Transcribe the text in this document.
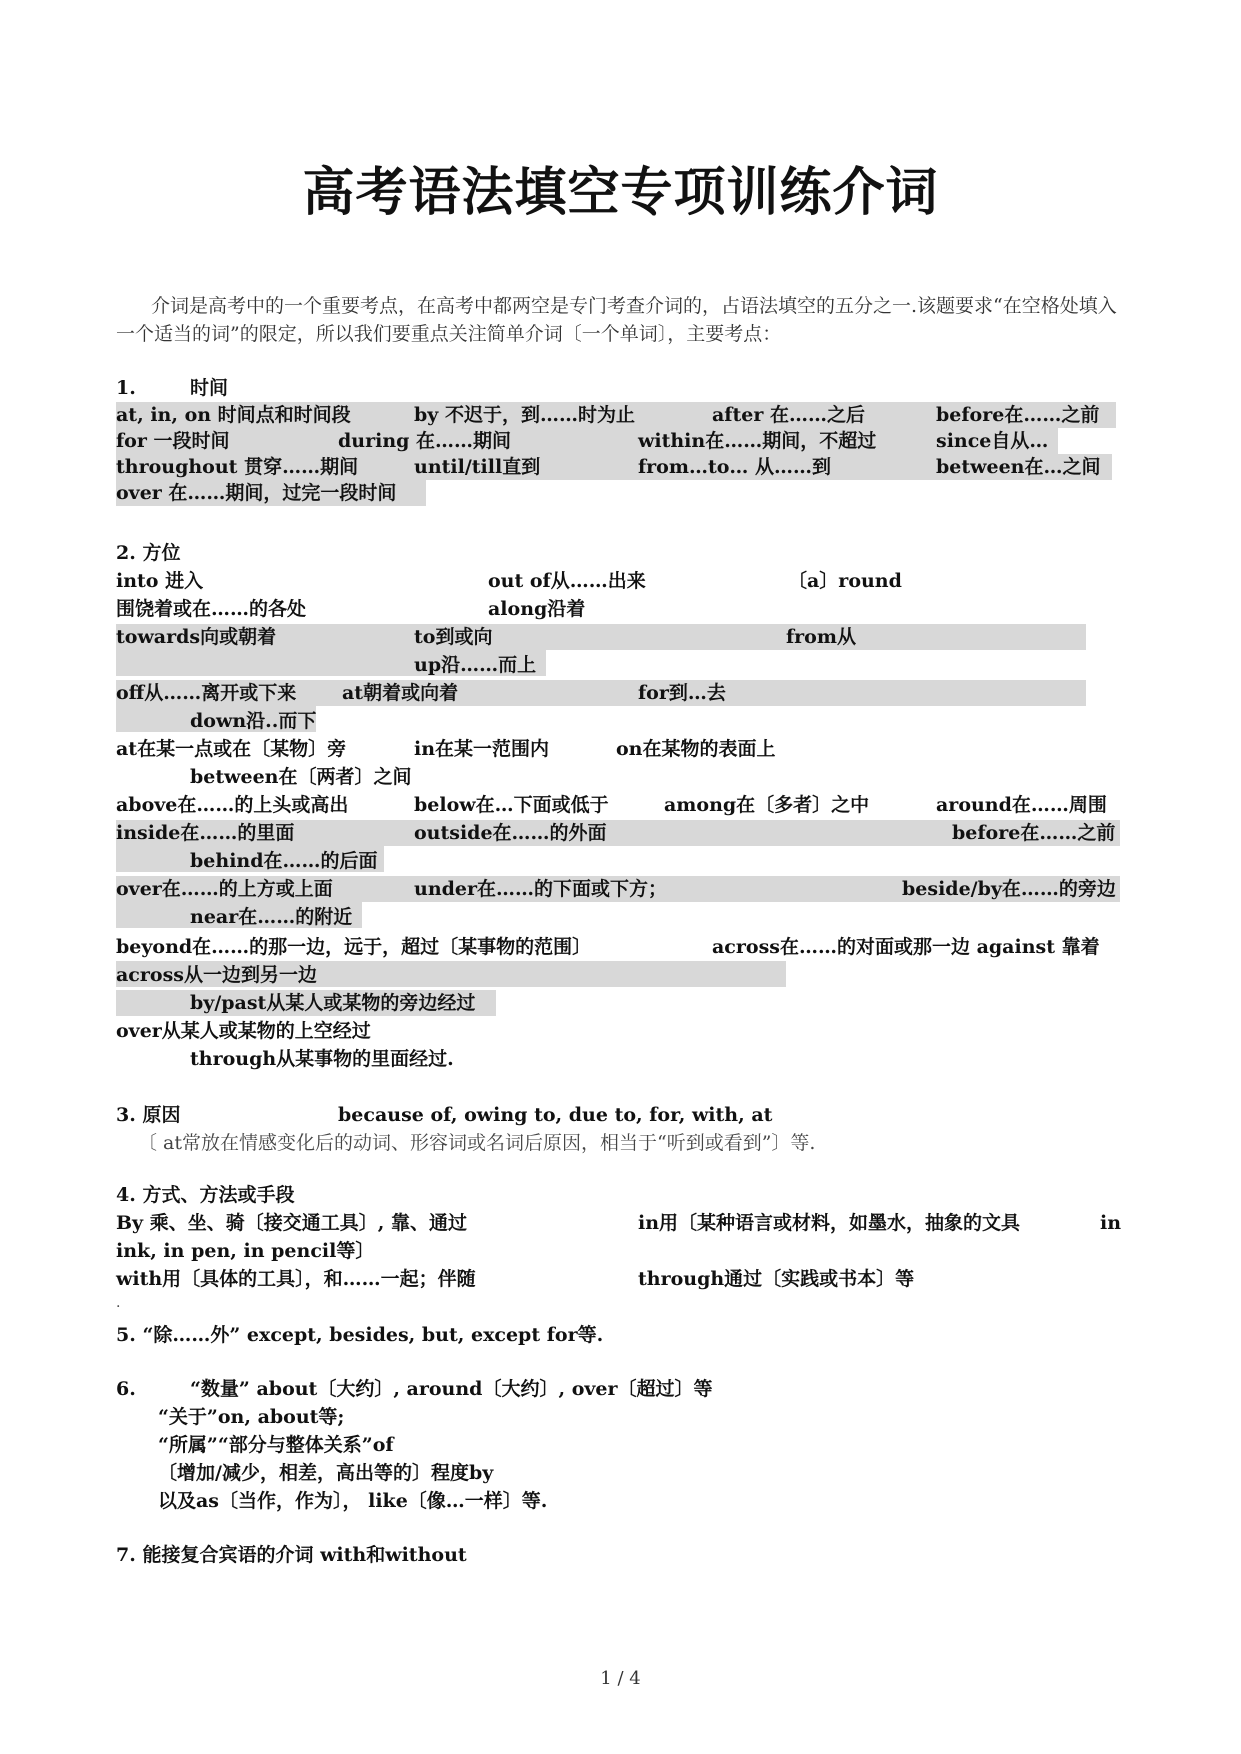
高考语法填空专项训练介词
介词是高考中的一个重要考点，在高考中都两空是专门考查介词的，占语法填空的五分之一.该题要求“在空格处填入一个适当的词”的限定，所以我们要重点关注简单介词〔一个单词〕，主要考点：
1.	时间
at, in, on 时间点和时间段	by 不迟于，到……时为止	after 在……之后	before在……之前
for 一段时间	during 在……期间	within在……期间，不超过	since自从…
throughout 贯穿……期间	until/till直到	from…to… 从……到	between在…之间
over 在……期间，过完一段时间
2. 方位
into 进入	out of从……出来	〔a〕round
围饶着或在……的各处	along沿着
towards向或朝着	to到或向	from从
up沿……而上
off从……离开或下来 at朝着或向着	for到…去
down沿..而下
at在某一点或在〔某物〕旁	in在某一范围内	on在某物的表面上
between在〔两者〕之间
above在……的上头或高出	below在…下面或低于	among在〔多者〕之中	around在……周围
inside在……的里面	outside在……的外面	before在……之前
behind在……的后面
over在……的上方或上面	under在……的下面或下方；	beside/by在……的旁边
near在……的附近
beyond在……的那一边，远于，超过〔某事物的范围〕	across在……的对面或那一边 against 靠着
across从一边到另一边
by/past从某人或某物的旁边经过
over从某人或某物的上空经过
through从某事物的里面经过.
3. 原因	because of, owing to, due to, for, with, at
〔 at常放在情感变化后的动词、形容词或名词后原因，相当于“听到或看到”〕等.
4. 方式、方法或手段
By 乘、坐、骑〔接交通工具〕, 靠、通过	in用〔某种语言或材料，如墨水，抽象的文具	in
ink, in pen, in pencil等〕
with用〔具体的工具〕，和……一起；伴随	through通过〔实践或书本〕等
.
5. “除……外” except, besides, but, except for等.
6.	“数量” about〔大约〕, around〔大约〕, over〔超过〕等
“关于”on, about等;
“所属”“部分与整体关系”of
〔增加/减少，相差，高出等的〕程度by
以及as〔当作，作为〕， like〔像…一样〕等.
7. 能接复合宾语的介词 with和without
1 / 4
